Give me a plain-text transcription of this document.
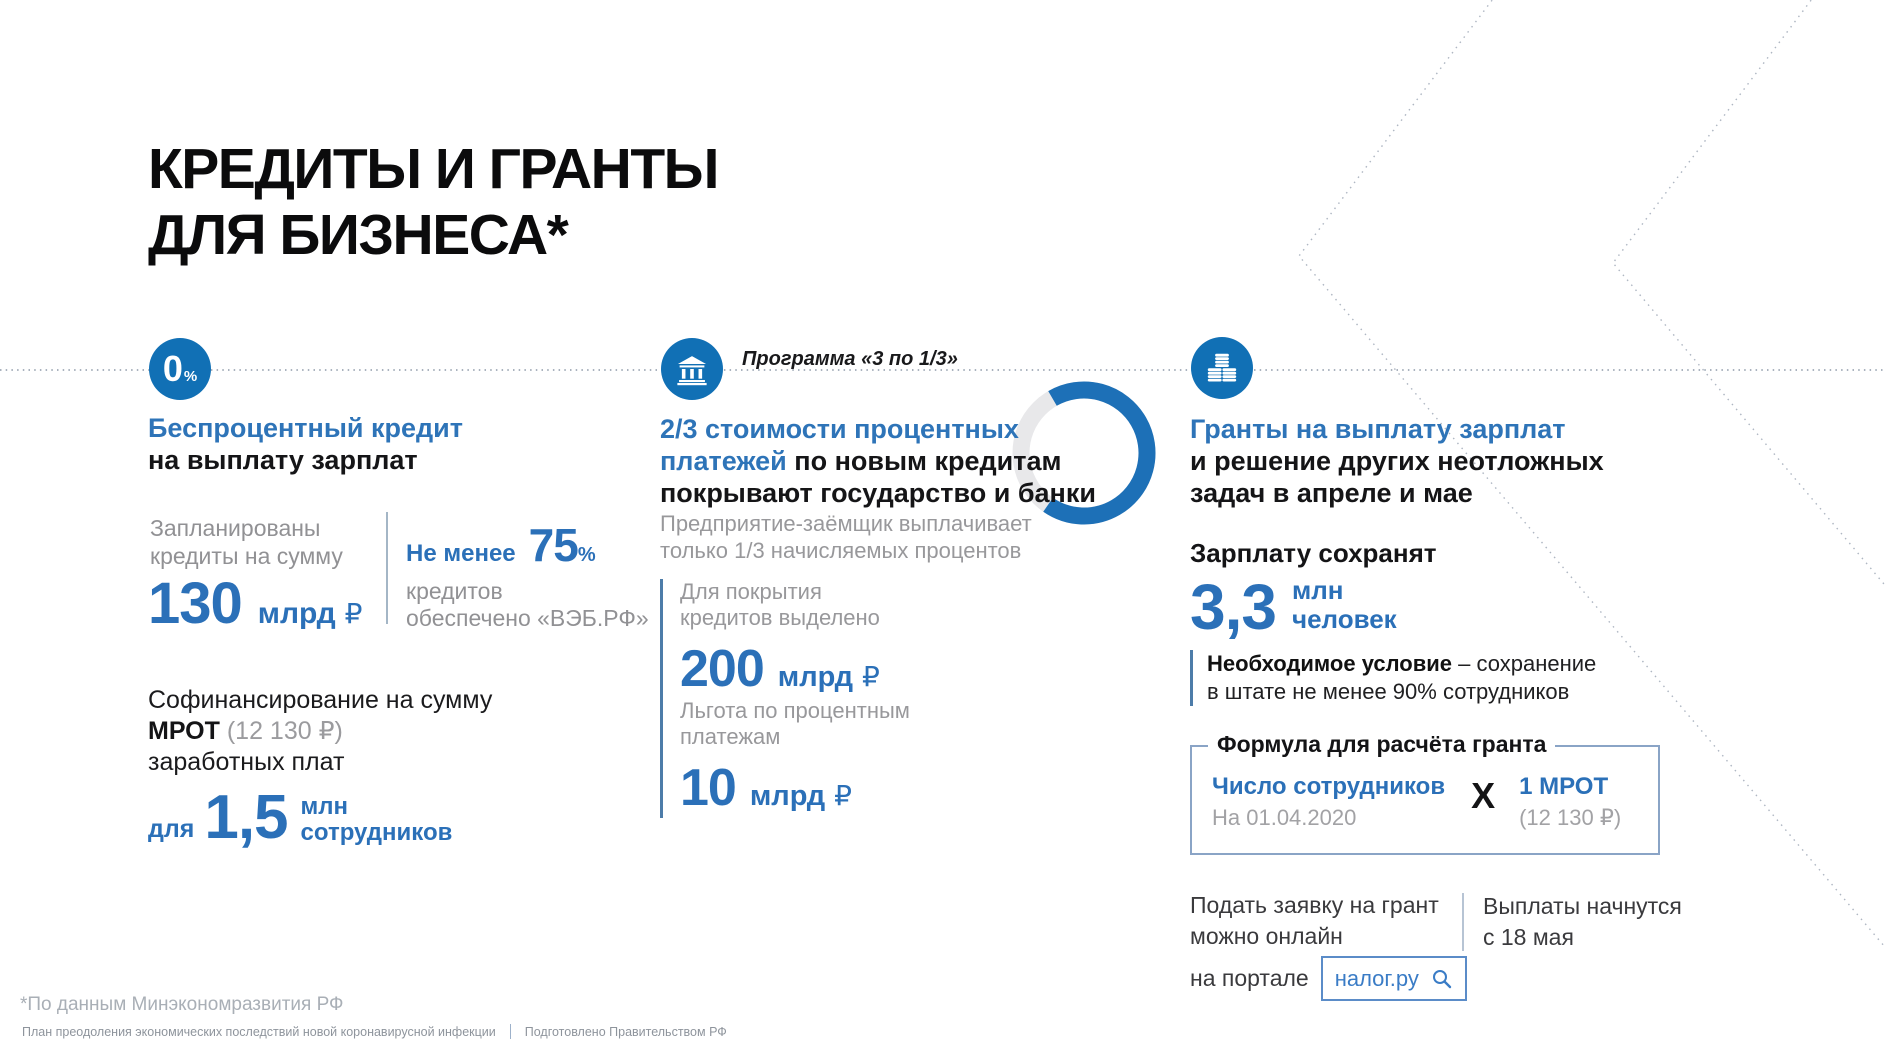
КРЕДИТЫ И ГРАНТЫ
ДЛЯ БИЗНЕСА*
0 %
Беспроцентный кредит
на выплату зарплат
Запланированы
кредиты на сумму
130 млрд ₽
Не менее 75 %
кредитов
обеспечено «ВЭБ.РФ»
Софинансирование на сумму
МРОТ (12 130 ₽)
заработных плат
для 1,5 млн
сотрудников
Программа «3 по 1/3»
2/3 стоимости процентных
платежей по новым кредитам
покрывают государство и банки
Предприятие-заёмщик выплачивает
только 1/3 начисляемых процентов
Для покрытия
кредитов выделено
200 млрд ₽
Льгота по процентным
платежам
10 млрд ₽
Гранты на выплату зарплат
и решение других неотложных
задач в апреле и мае
Зарплату сохранят
3,3 млн
человек
Необходимое условие – сохранение
в штате не менее 90% сотрудников
Формула для расчёта гранта
Число сотрудников
На 01.04.2020
X 1 МРОТ
(12 130 ₽)
Подать заявку на грант
можно онлайн
на портале налог.ру
Выплаты начнутся
с 18 мая
*По данным Минэкономразвития РФ
План преодоления экономических последствий новой коронавирусной инфекции Подготовлено Правительством РФ
